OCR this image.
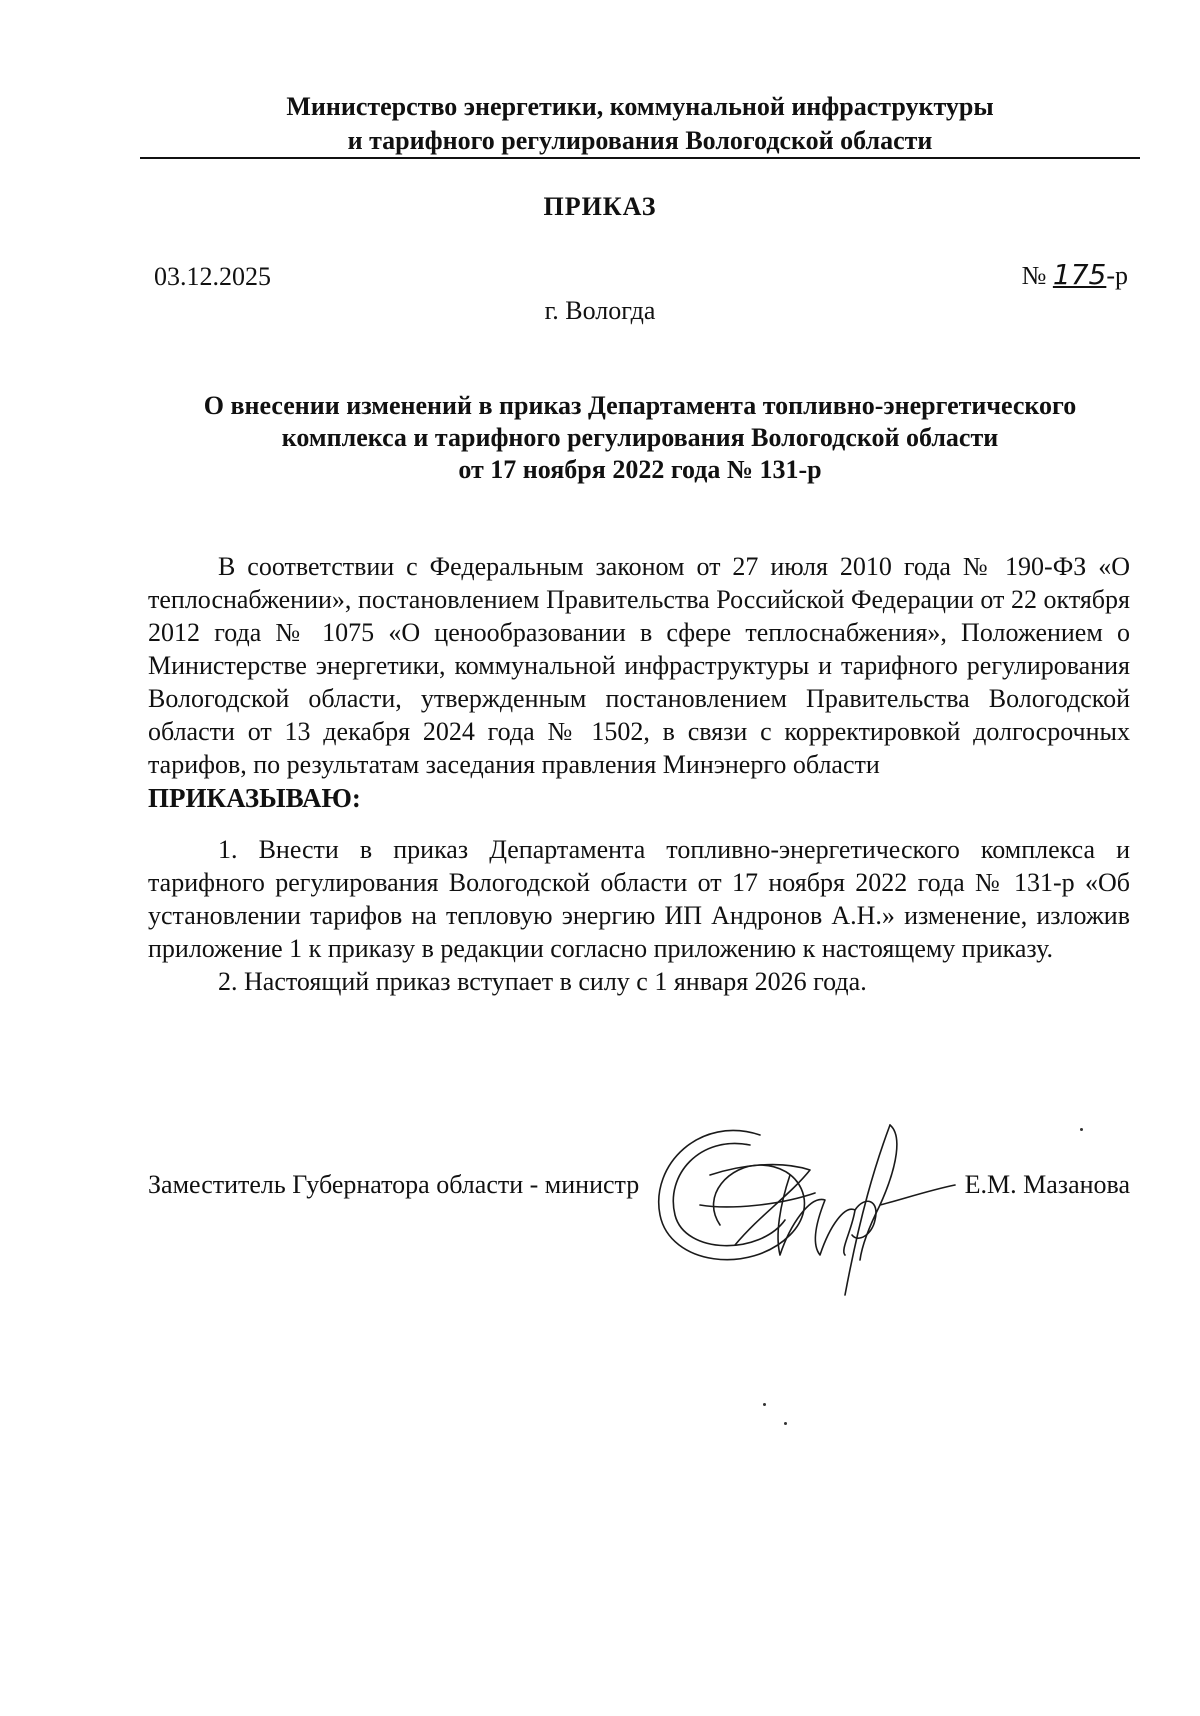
Министерство энергетики, коммунальной инфраструктуры
и тарифного регулирования Вологодской области
ПРИКАЗ
03.12.2025	№ 175-р
г. Вологда
О внесении изменений в приказ Департамента топливно-энергетического
комплекса и тарифного регулирования Вологодской области
от 17 ноября 2022 года № 131-р

В соответствии с Федеральным законом от 27 июля 2010 года № 190-ФЗ «О теплоснабжении», постановлением Правительства Российской Федерации от 22 октября 2012 года № 1075 «О ценообразовании в сфере теплоснабжения», Положением о Министерстве энергетики, коммунальной инфраструктуры и тарифного регулирования Вологодской области, утвержденным постановлением Правительства Вологодской области от 13 декабря 2024 года № 1502, в связи с корректировкой долгосрочных тарифов, по результатам заседания правления Минэнерго области

ПРИКАЗЫВАЮ:

1. Внести в приказ Департамента топливно-энергетического комплекса и тарифного регулирования Вологодской области от 17 ноября 2022 года № 131-р «Об установлении тарифов на тепловую энергию ИП Андронов А.Н.» изменение, изложив приложение 1 к приказу в редакции согласно приложению к настоящему приказу.

2. Настоящий приказ вступает в силу с 1 января 2026 года.

Заместитель Губернатора области - министр	Е.М. Мазанова
